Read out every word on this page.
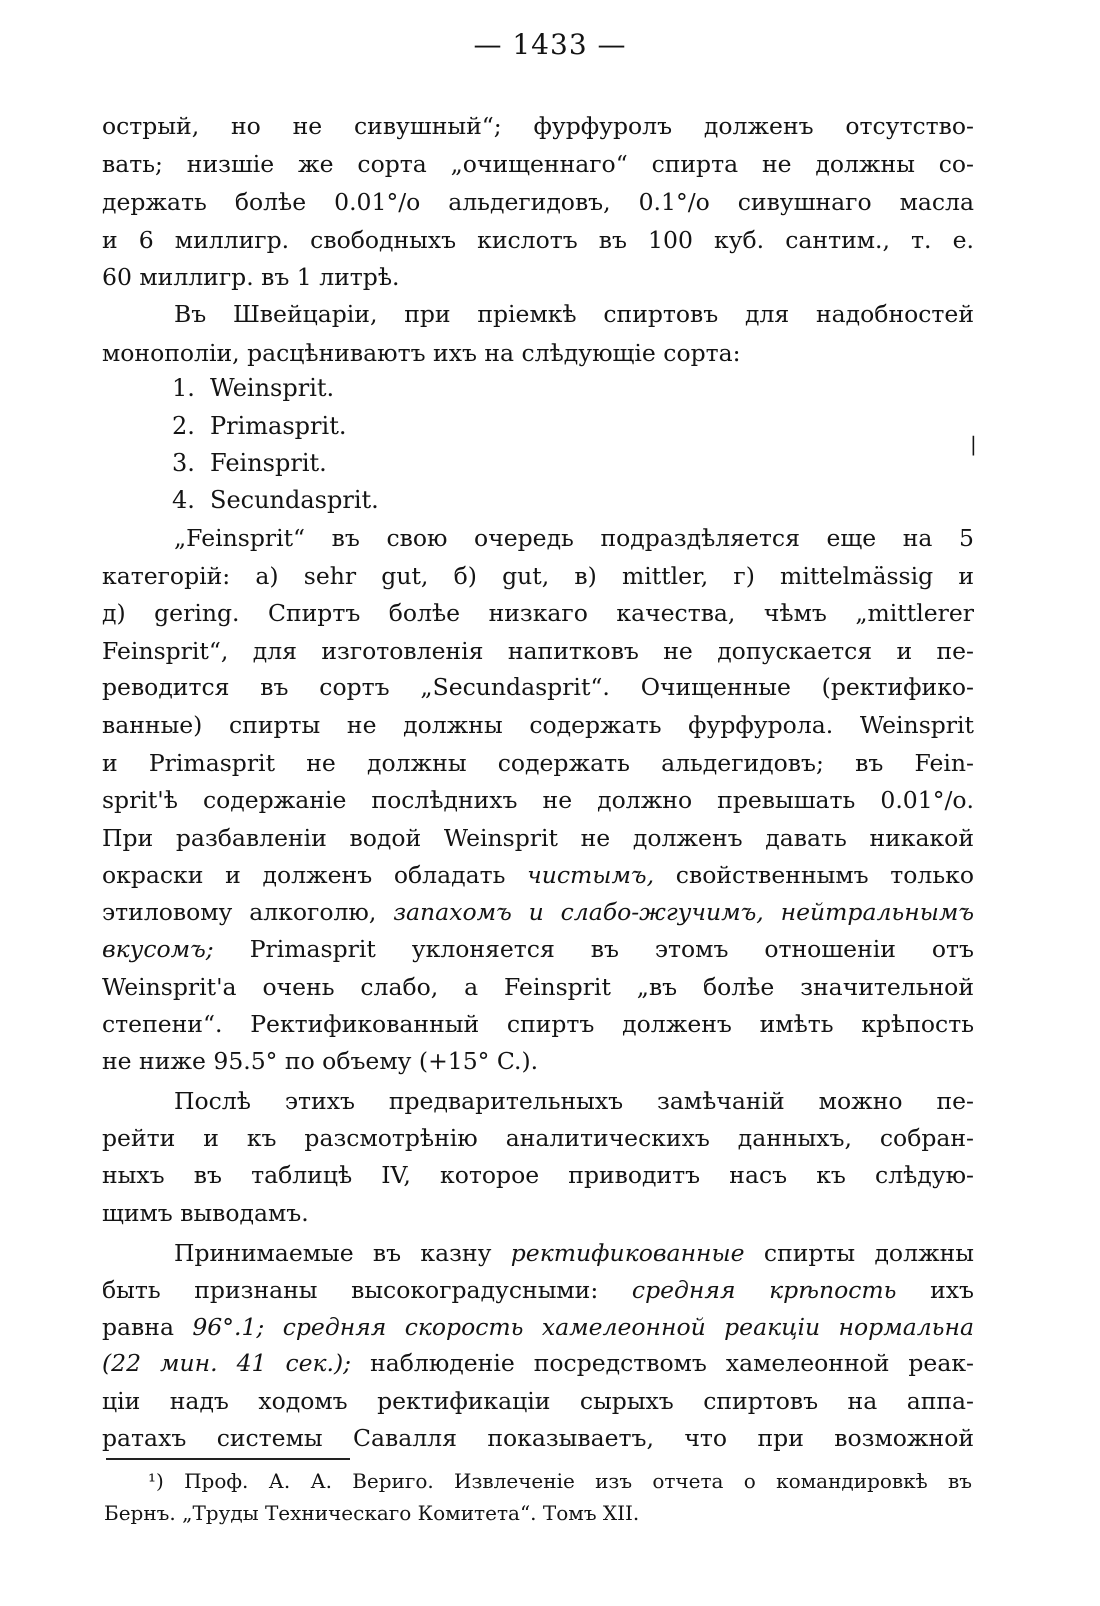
— 1433 —
острый, но не сивушный“; фурфуролъ долженъ отсутство-
вать; низшіе же сорта „очищеннаго“ спирта не должны со-
держать болѣе 0.01°/о альдегидовъ, 0.1°/о сивушнаго масла
и 6 миллигр. свободныхъ кислотъ въ 100 куб. сантим., т. е.
60 миллигр. въ 1 литрѣ.
Въ Швейцаріи, при пріемкѣ спиртовъ для надобностей
монополіи, расцѣниваютъ ихъ на слѣдующіе сорта:
1. Weinsprit.
2. Primasprit.
3. Feinsprit.
4. Secundasprit.
|
„Feinsprit“ въ свою очередь подраздѣляется еще на 5
категорій: а) sehr gut, б) gut, в) mittler, г) mittelmässig и
д) gering. Спиртъ болѣе низкаго качества, чѣмъ „mittlerer
Feinsprit“, для изготовленія напитковъ не допускается и пе-
реводится въ сортъ „Secundasprit“. Очищенные (ректифико-
ванные) спирты не должны содержать фурфурола. Weinsprit
и Primasprit не должны содержать альдегидовъ; въ Fein-
sprit'ѣ содержаніе послѣднихъ не должно превышать 0.01°/о.
При разбавленіи водой Weinsprit не долженъ давать никакой
окраски и долженъ обладать чистымъ, свойственнымъ только
этиловому алкоголю, запахомъ и слабо-жгучимъ, нейтральнымъ
вкусомъ; Primasprit уклоняется въ этомъ отношеніи отъ
Weinsprit'а очень слабо, а Feinsprit „въ болѣе значительной
степени“. Ректификованный спиртъ долженъ имѣть крѣпость
не ниже 95.5° по объему (+15° C.).
Послѣ этихъ предварительныхъ замѣчаній можно пе-
рейти и къ разсмотрѣнію аналитическихъ данныхъ, собран-
ныхъ въ таблицѣ IV, которое приводитъ насъ къ слѣдую-
щимъ выводамъ.
Принимаемые въ казну ректификованные спирты должны
быть признаны высокоградусными: средняя крѣпость ихъ
равна 96°.1; средняя скорость хамелеонной реакціи нормальна
(22 мин. 41 сек.); наблюденіе посредствомъ хамелеонной реак-
ціи надъ ходомъ ректификаціи сырыхъ спиртовъ на аппа-
ратахъ системы Савалля показываетъ, что при возможной
¹) Проф. А. А. Вериго. Извлеченіе изъ отчета о командировкѣ въ
Бернъ. „Труды Техническаго Комитета“. Томъ XII.
